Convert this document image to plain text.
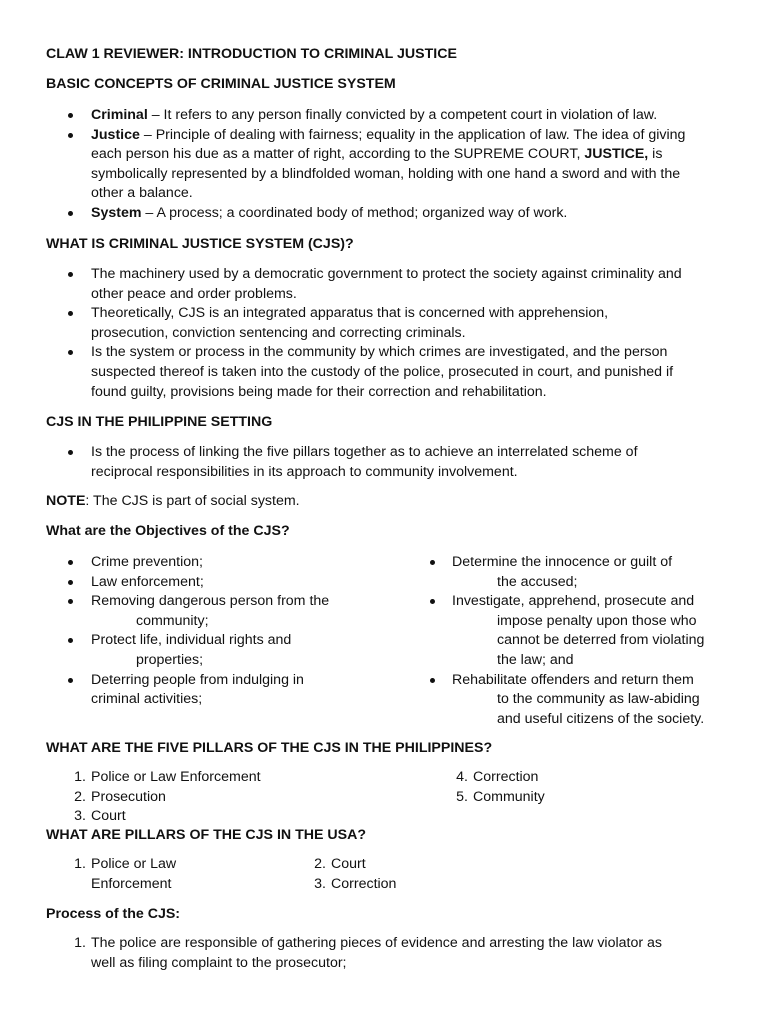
CLAW 1 REVIEWER: INTRODUCTION TO CRIMINAL JUSTICE

BASIC CONCEPTS OF CRIMINAL JUSTICE SYSTEM

Criminal – It refers to any person finally convicted by a competent court in violation of law.
Justice – Principle of dealing with fairness; equality in the application of law. The idea of giving
each person his due as a matter of right, according to the SUPREME COURT, JUSTICE, is
symbolically represented by a blindfolded woman, holding with one hand a sword and with the
other a balance.
System – A process; a coordinated body of method; organized way of work.

WHAT IS CRIMINAL JUSTICE SYSTEM (CJS)?

The machinery used by a democratic government to protect the society against criminality and
other peace and order problems.
Theoretically, CJS is an integrated apparatus that is concerned with apprehension,
prosecution, conviction sentencing and correcting criminals.
Is the system or process in the community by which crimes are investigated, and the person
suspected thereof is taken into the custody of the police, prosecuted in court, and punished if
found guilty, provisions being made for their correction and rehabilitation.

CJS IN THE PHILIPPINE SETTING

Is the process of linking the five pillars together as to achieve an interrelated scheme of
reciprocal responsibilities in its approach to community involvement.

NOTE: The CJS is part of social system.

What are the Objectives of the CJS?

Crime prevention;
Law enforcement;
Removing dangerous person from the
community;
Protect life, individual rights and
properties;
Deterring people from indulging in
criminal activities;
Determine the innocence or guilt of
the accused;
Investigate, apprehend, prosecute and
impose penalty upon those who
cannot be deterred from violating
the law; and
Rehabilitate offenders and return them
to the community as law-abiding
and useful citizens of the society.

WHAT ARE THE FIVE PILLARS OF THE CJS IN THE PHILIPPINES?

1. Police or Law Enforcement
2. Prosecution
3. Court
4. Correction
5. Community

WHAT ARE PILLARS OF THE CJS IN THE USA?

1. Police or Law
Enforcement
2. Court
3. Correction

Process of the CJS:

1. The police are responsible of gathering pieces of evidence and arresting the law violator as
well as filing complaint to the prosecutor;
